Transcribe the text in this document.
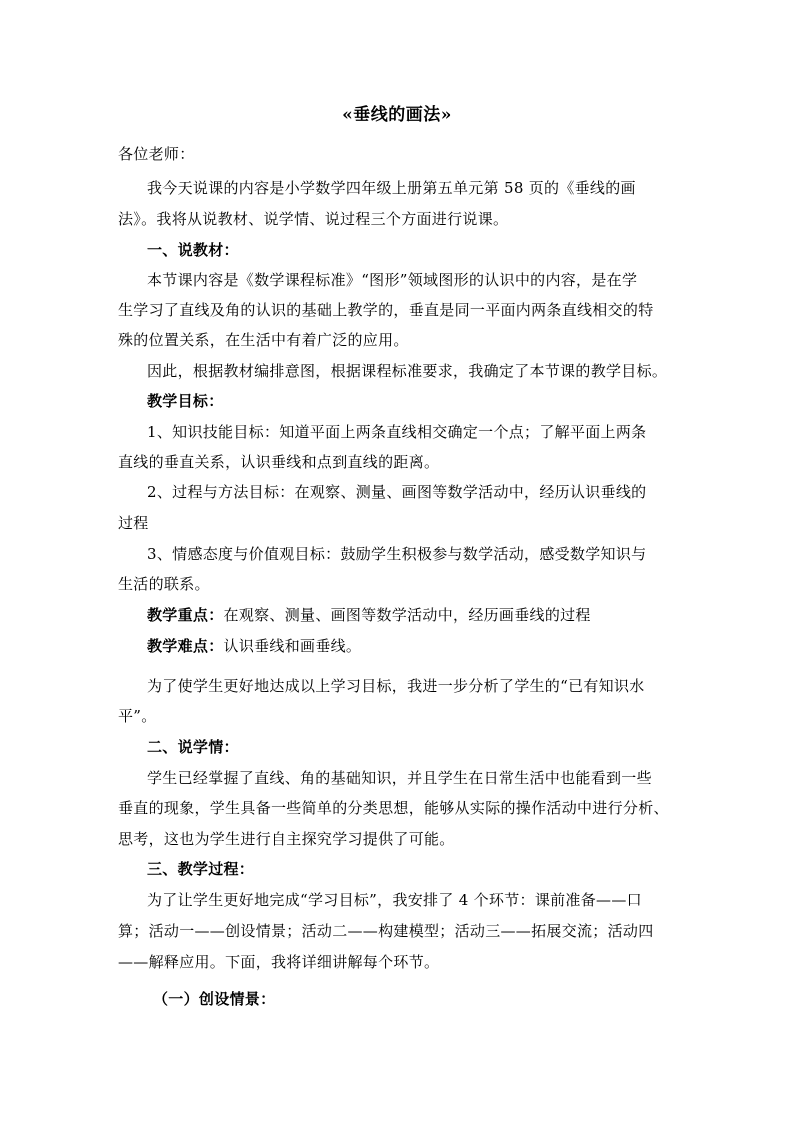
«垂线的画法»
各位老师：
我今天说课的内容是小学数学四年级上册第五单元第 58 页的《垂线的画
法》。我将从说教材、说学情、说过程三个方面进行说课。
一、说教材：
本节课内容是《数学课程标准》“图形”领域图形的认识中的内容，是在学
生学习了直线及角的认识的基础上教学的，垂直是同一平面内两条直线相交的特
殊的位置关系，在生活中有着广泛的应用。
因此，根据教材编排意图，根据课程标准要求，我确定了本节课的教学目标。
教学目标：
1、知识技能目标：知道平面上两条直线相交确定一个点；了解平面上两条
直线的垂直关系，认识垂线和点到直线的距离。
2、过程与方法目标：在观察、测量、画图等数学活动中，经历认识垂线的
过程
3、情感态度与价值观目标：鼓励学生积极参与数学活动，感受数学知识与
生活的联系。
教学重点：在观察、测量、画图等数学活动中，经历画垂线的过程
教学难点：认识垂线和画垂线。
为了使学生更好地达成以上学习目标，我进一步分析了学生的“已有知识水
平”。
二、说学情：
学生已经掌握了直线、角的基础知识，并且学生在日常生活中也能看到一些
垂直的现象，学生具备一些简单的分类思想，能够从实际的操作活动中进行分析、
思考，这也为学生进行自主探究学习提供了可能。
三、教学过程：
为了让学生更好地完成“学习目标”，我安排了 4 个环节：课前准备——口
算；活动一——创设情景；活动二——构建模型；活动三——拓展交流；活动四
——解释应用。下面，我将详细讲解每个环节。
（一）创设情景：
